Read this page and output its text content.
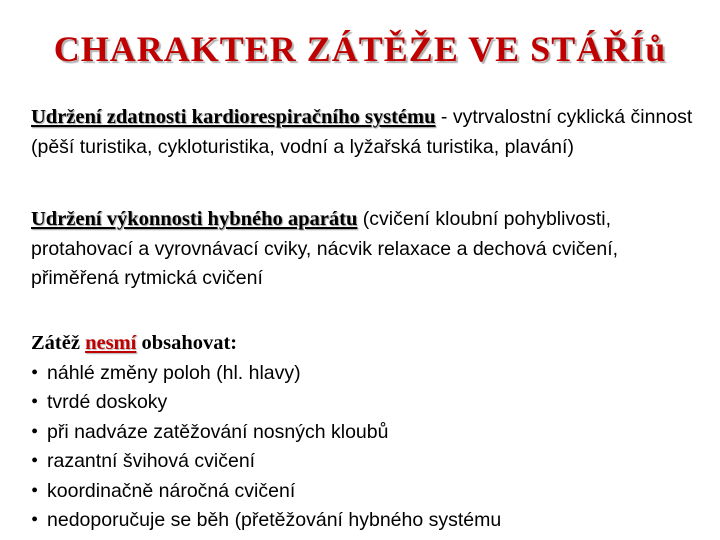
CHARAKTER ZÁTĚŽE VE STÁŘÍů
Udržení zdatnosti kardiorespiračního systému - vytrvalostní cyklická činnost (pěší turistika, cykloturistika, vodní a lyžařská turistika, plavání)
Udržení výkonnosti hybného aparátu (cvičení kloubní pohyblivosti, protahovací a vyrovnávací cviky, nácvik relaxace a dechová cvičení, přiměřená rytmická cvičení
Zátěž nesmí obsahovat:
• náhlé změny poloh (hl. hlavy)
• tvrdé doskoky
• při nadváze zatěžování nosných kloubů
• razantní švihová cvičení
• koordinačně náročná cvičení
• nedoporučuje se běh (přetěžování hybného systému
